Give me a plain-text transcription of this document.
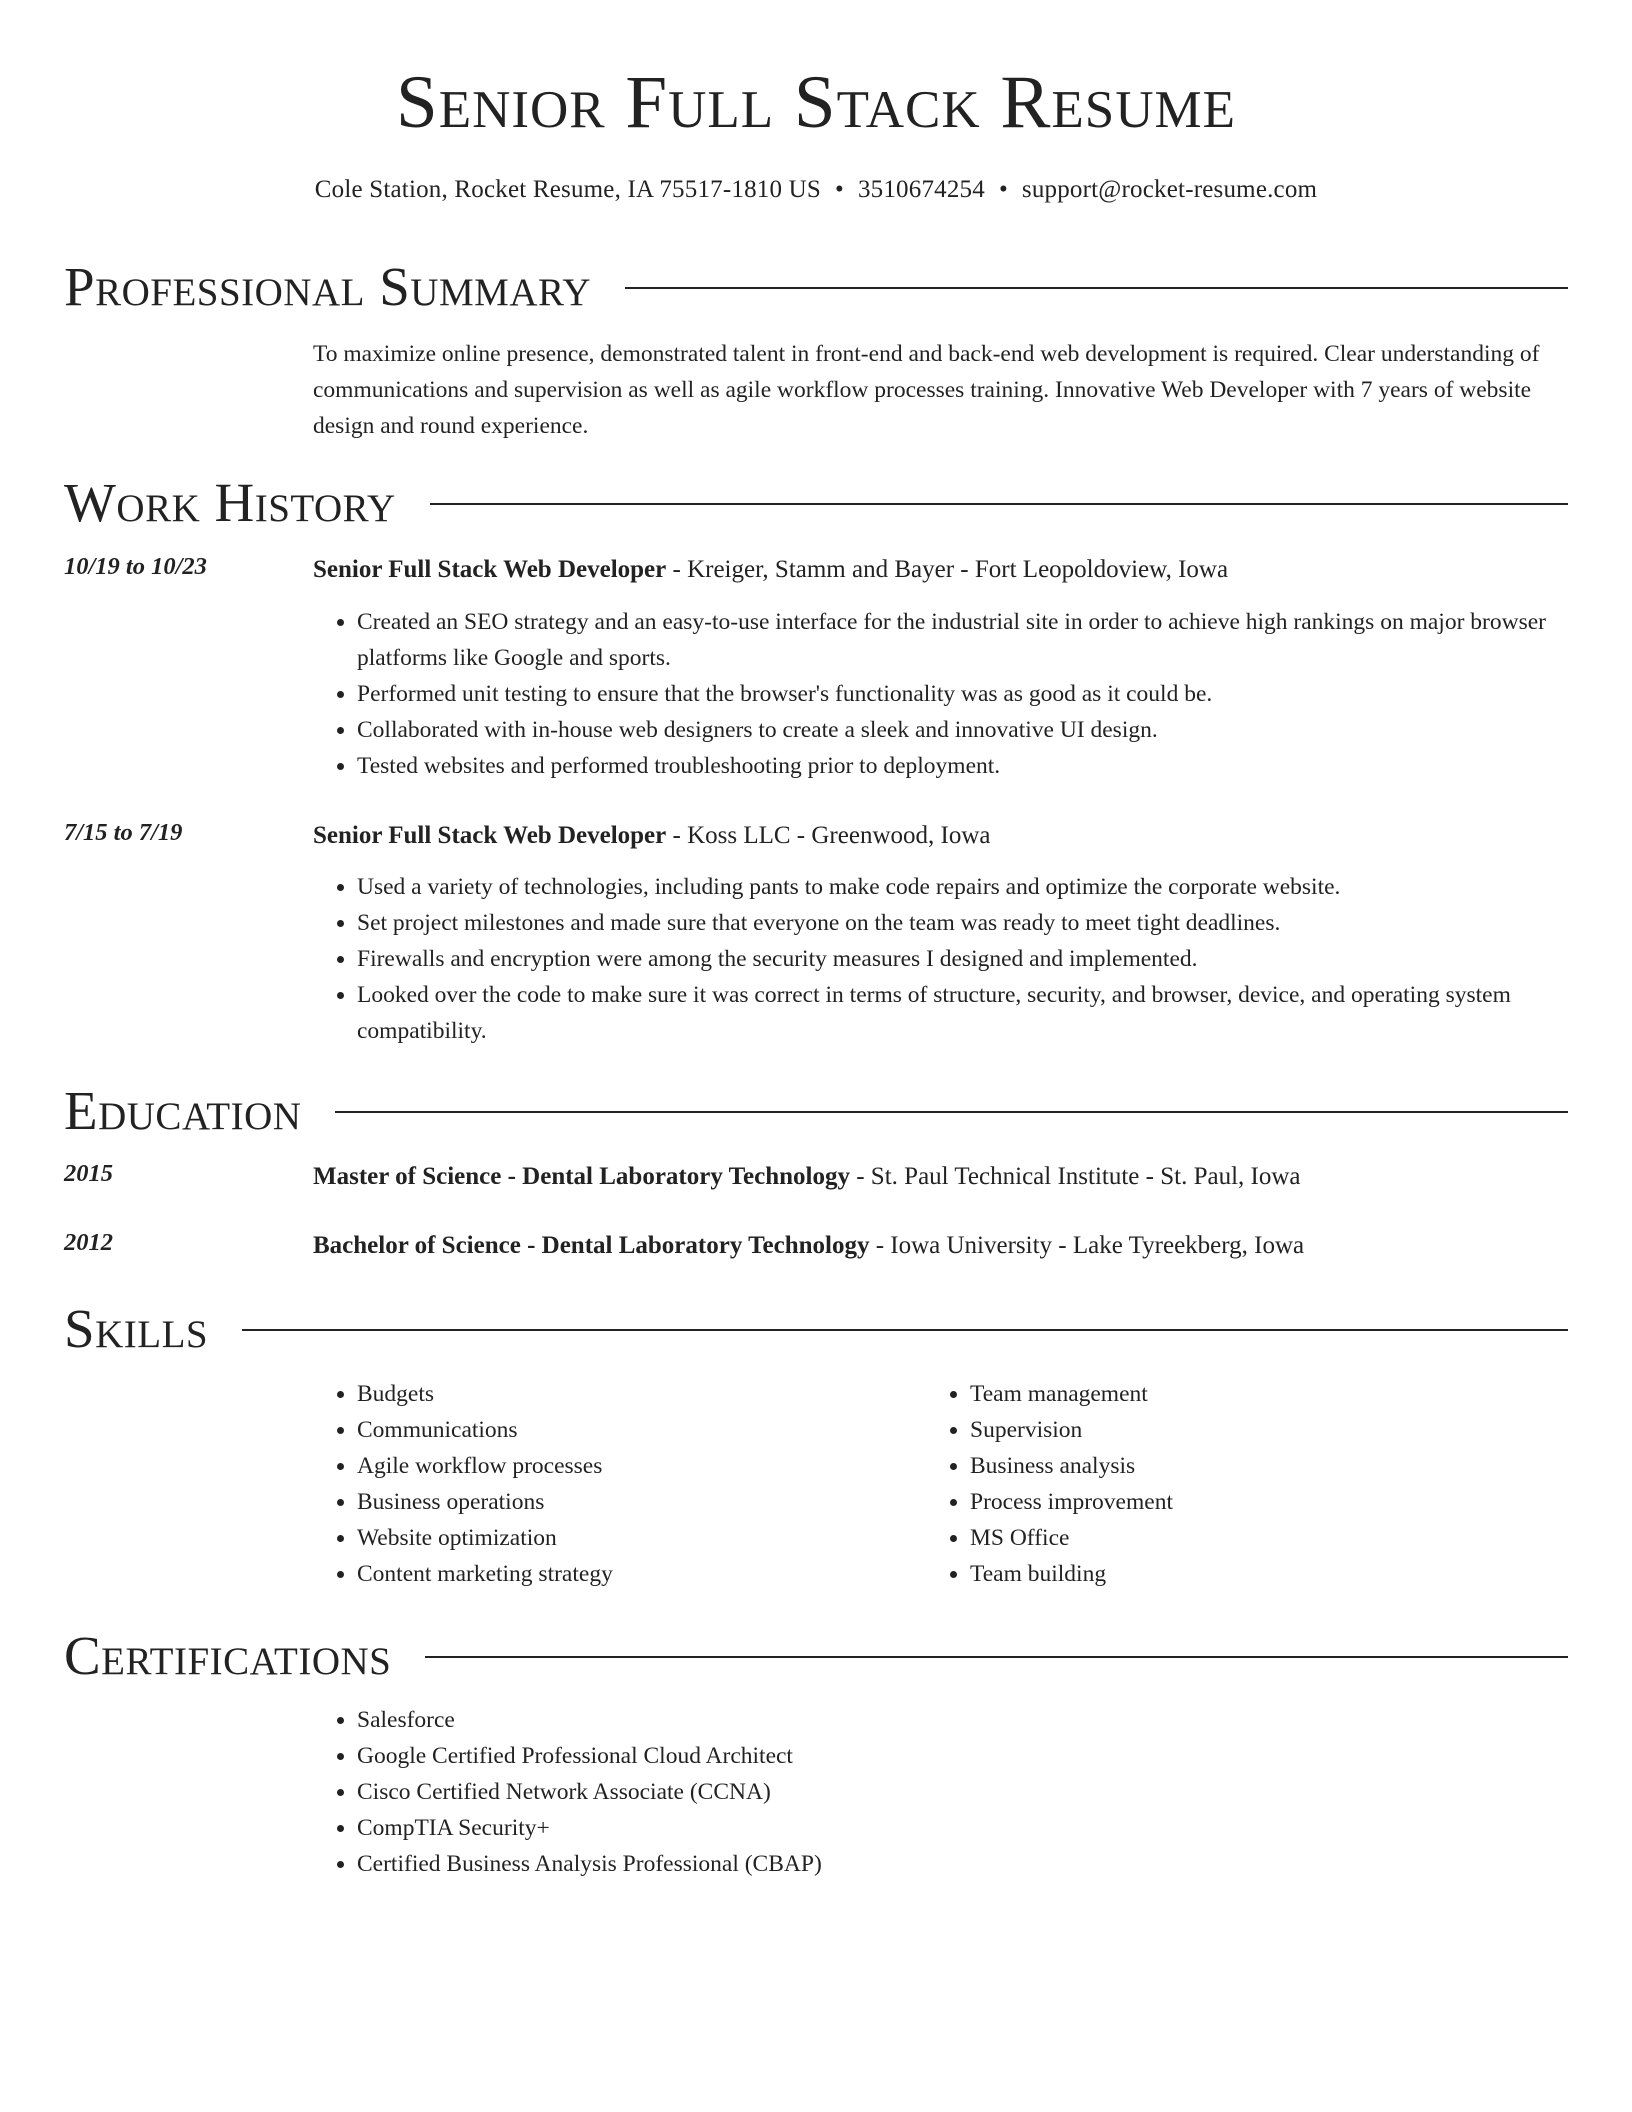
Senior Full Stack Resume
Cole Station, Rocket Resume, IA 75517-1810 US • 3510674254 • support@rocket-resume.com
Professional Summary
To maximize online presence, demonstrated talent in front-end and back-end web development is required. Clear understanding of communications and supervision as well as agile workflow processes training. Innovative Web Developer with 7 years of website design and round experience.
Work History
10/19 to 10/23	Senior Full Stack Web Developer - Kreiger, Stamm and Bayer - Fort Leopoldoview, Iowa
• Created an SEO strategy and an easy-to-use interface for the industrial site in order to achieve high rankings on major browser platforms like Google and sports.
• Performed unit testing to ensure that the browser's functionality was as good as it could be.
• Collaborated with in-house web designers to create a sleek and innovative UI design.
• Tested websites and performed troubleshooting prior to deployment.
7/15 to 7/19	Senior Full Stack Web Developer - Koss LLC - Greenwood, Iowa
• Used a variety of technologies, including pants to make code repairs and optimize the corporate website.
• Set project milestones and made sure that everyone on the team was ready to meet tight deadlines.
• Firewalls and encryption were among the security measures I designed and implemented.
• Looked over the code to make sure it was correct in terms of structure, security, and browser, device, and operating system compatibility.
Education
2015	Master of Science - Dental Laboratory Technology - St. Paul Technical Institute - St. Paul, Iowa
2012	Bachelor of Science - Dental Laboratory Technology - Iowa University - Lake Tyreekberg, Iowa
Skills
• Budgets
• Communications
• Agile workflow processes
• Business operations
• Website optimization
• Content marketing strategy
• Team management
• Supervision
• Business analysis
• Process improvement
• MS Office
• Team building
Certifications
• Salesforce
• Google Certified Professional Cloud Architect
• Cisco Certified Network Associate (CCNA)
• CompTIA Security+
• Certified Business Analysis Professional (CBAP)
